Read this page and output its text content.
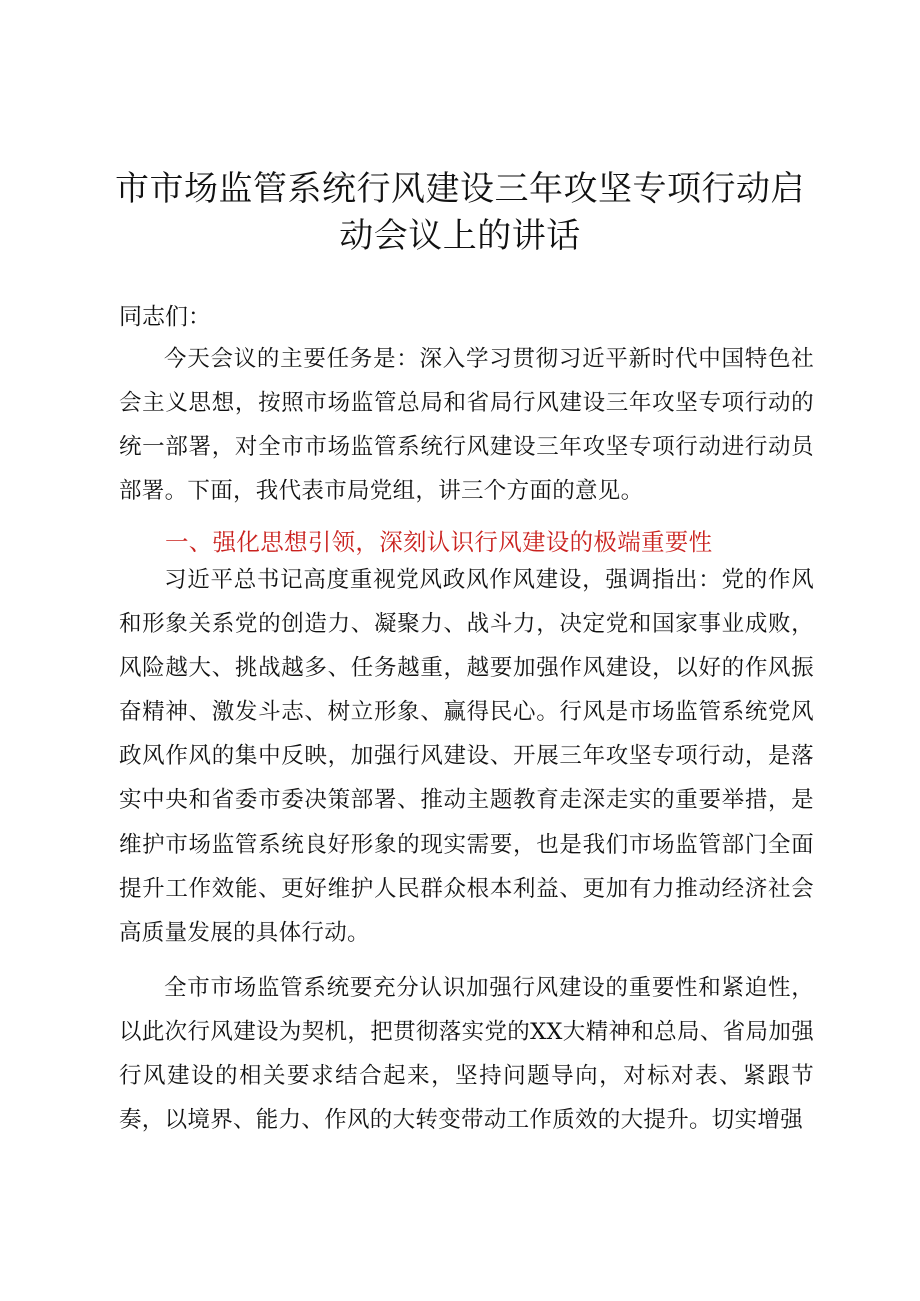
市市场监管系统行风建设三年攻坚专项行动启
动会议上的讲话
同志们：

今天会议的主要任务是：深入学习贯彻习近平新时代中国特色社会主义思想，按照市场监管总局和省局行风建设三年攻坚专项行动的统一部署，对全市市场监管系统行风建设三年攻坚专项行动进行动员部署。下面，我代表市局党组，讲三个方面的意见。

一、强化思想引领，深刻认识行风建设的极端重要性

习近平总书记高度重视党风政风作风建设，强调指出：党的作风和形象关系党的创造力、凝聚力、战斗力，决定党和国家事业成败，风险越大、挑战越多、任务越重，越要加强作风建设，以好的作风振奋精神、激发斗志、树立形象、赢得民心。行风是市场监管系统党风政风作风的集中反映，加强行风建设、开展三年攻坚专项行动，是落实中央和省委市委决策部署、推动主题教育走深走实的重要举措，是维护市场监管系统良好形象的现实需要，也是我们市场监管部门全面提升工作效能、更好维护人民群众根本利益、更加有力推动经济社会高质量发展的具体行动。

全市市场监管系统要充分认识加强行风建设的重要性和紧迫性，以此次行风建设为契机，把贯彻落实党的XX大精神和总局、省局加强行风建设的相关要求结合起来，坚持问题导向，对标对表、紧跟节奏，以境界、能力、作风的大转变带动工作质效的大提升。切实增强
